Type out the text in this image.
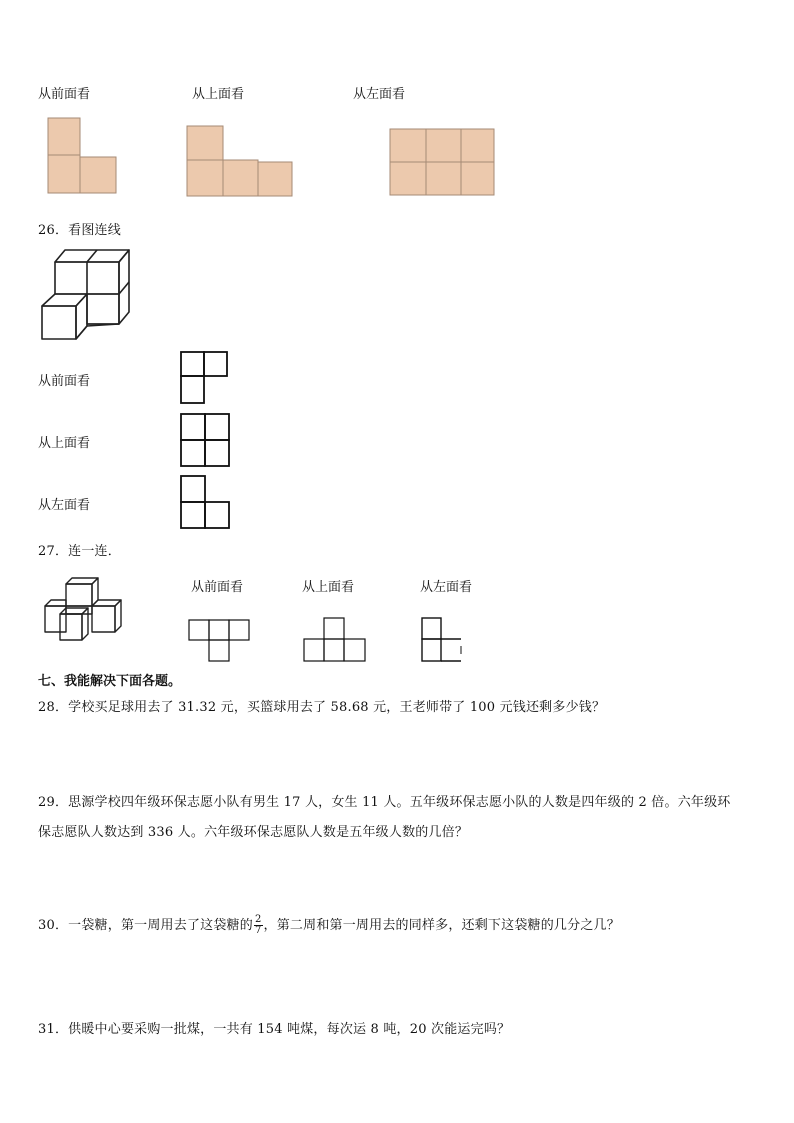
从前面看	从上面看	从左面看
26．看图连线
从前面看
从上面看
从左面看
27．连一连．
从前面看	从上面看	从左面看
七、我能解决下面各题。
28．学校买足球用去了 31.32 元，买篮球用去了 58.68 元，王老师带了 100 元钱还剩多少钱？
29．思源学校四年级环保志愿小队有男生 17 人，女生 11 人。五年级环保志愿小队的人数是四年级的 2 倍。六年级环
保志愿队人数达到 336 人。六年级环保志愿队人数是五年级人数的几倍？
30．一袋糖，第一周用去了这袋糖的 $\frac{2}{7}$ ，第二周和第一周用去的同样多，还剩下这袋糖的几分之几？
31．供暖中心要采购一批煤，一共有 154 吨煤，每次运 8 吨，20 次能运完吗？
